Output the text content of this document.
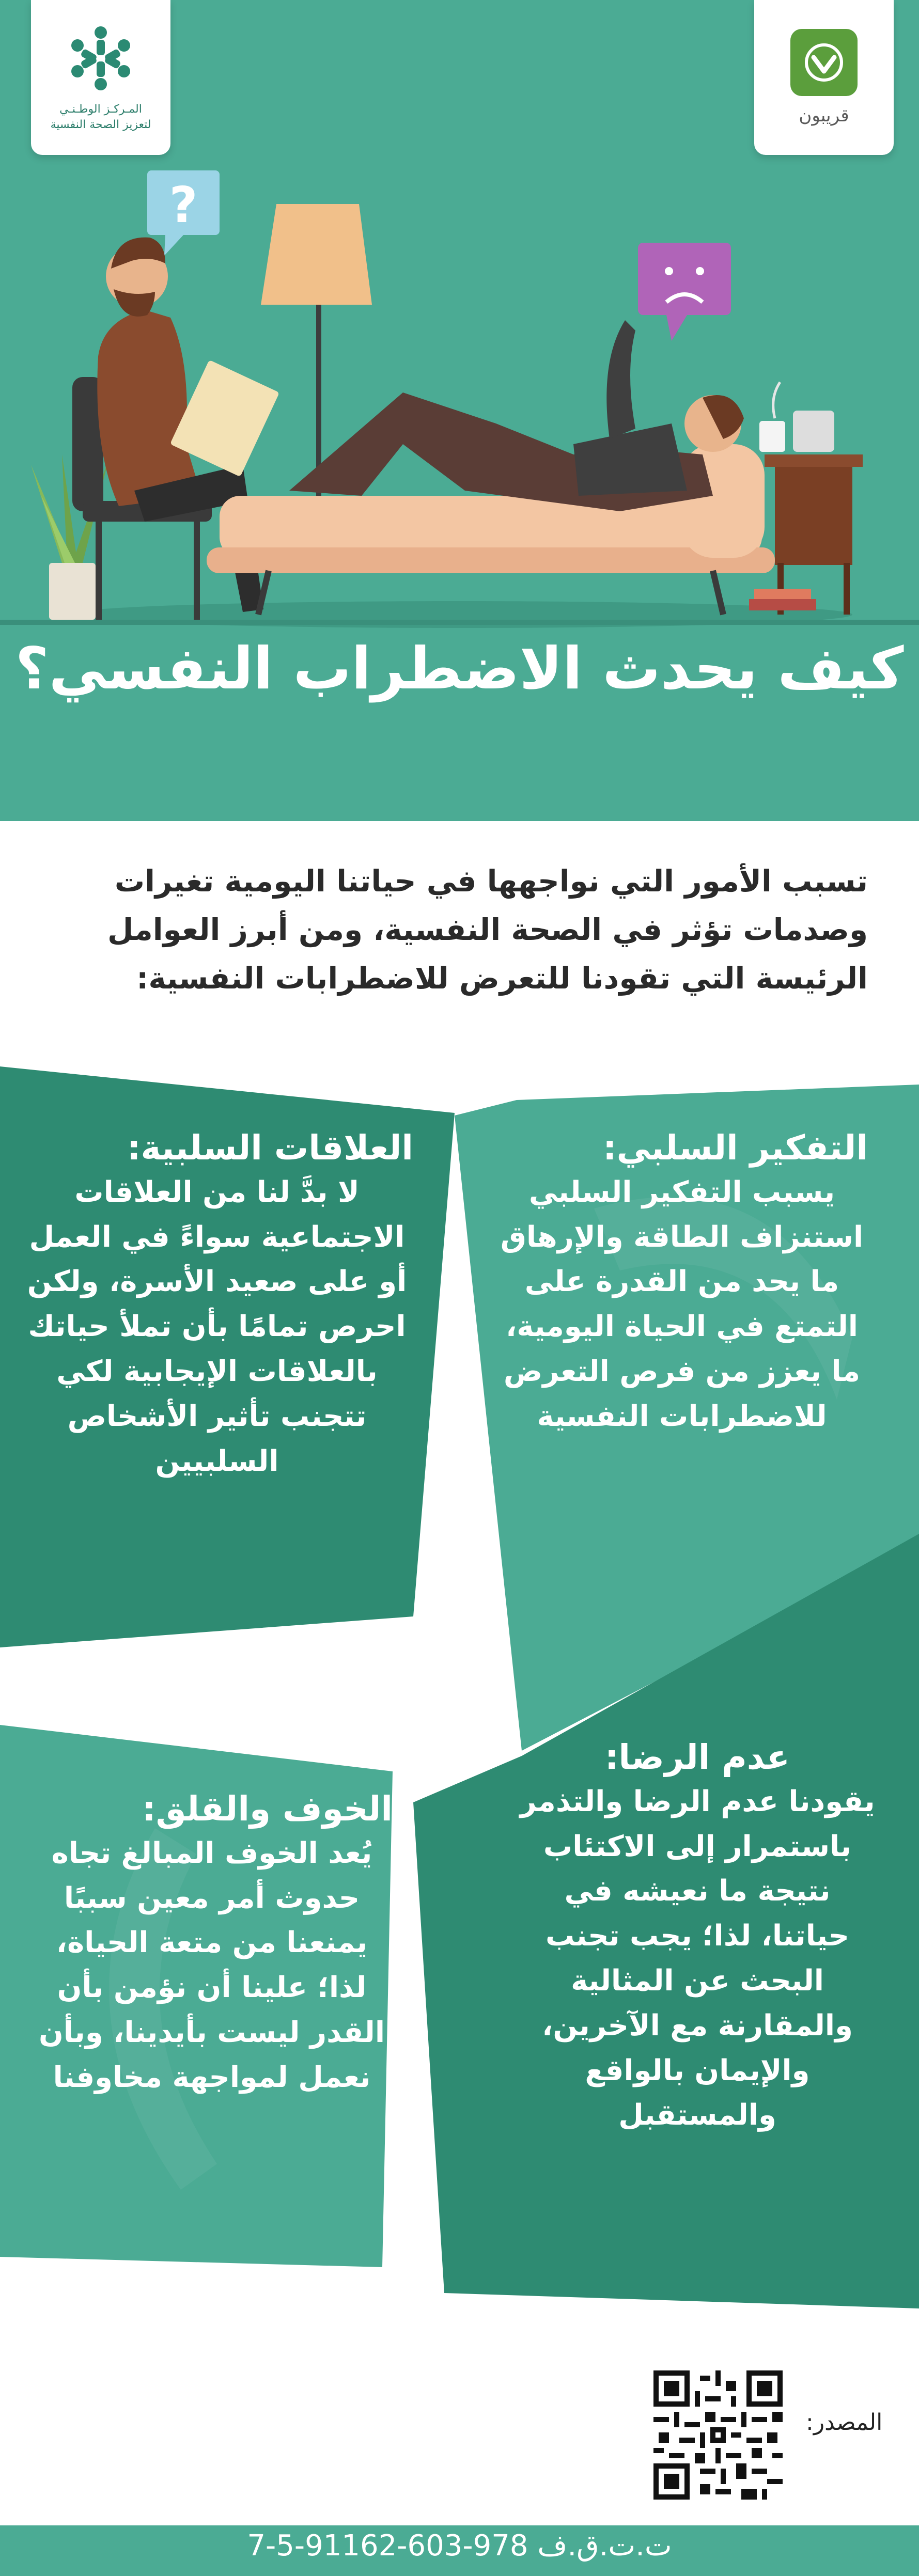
?
المـركـز الوطـنـي
لتعزيز الصحة النفسية	قريبون
كيف يحدث الاضطراب النفسي؟
تسبب الأمور التي نواجهها في حياتنا اليومية تغيرات وصدمات تؤثر في الصحة النفسية، ومن أبرز العوامل الرئيسة التي تقودنا للتعرض للاضطرابات النفسية:
التفكير السلبي:
يسبب التفكير السلبي استنزاف الطاقة والإرهاق ما يحد من القدرة على التمتع في الحياة اليومية، ما يعزز من فرص التعرض للاضطرابات النفسية
العلاقات السلبية:
لا بدَّ لنا من العلاقات الاجتماعية سواءً في العمل أو على صعيد الأسرة، ولكن احرص تمامًا بأن تملأ حياتك بالعلاقات الإيجابية لكي تتجنب تأثير الأشخاص السلبيين
عدم الرضا:
يقودنا عدم الرضا والتذمر باستمرار إلى الاكتئاب نتيجة ما نعيشه في حياتنا، لذا؛ يجب تجنب البحث عن المثالية والمقارنة مع الآخرين، والإيمان بالواقع والمستقبل
الخوف والقلق:
يُعد الخوف المبالغ تجاه حدوث أمر معين سببًا يمنعنا من متعة الحياة، لذا؛ علينا أن نؤمن بأن القدر ليست بأيدينا، وبأن نعمل لمواجهة مخاوفنا
المصدر:
ت.ت.ق.ف 978-603-91162-5-7
